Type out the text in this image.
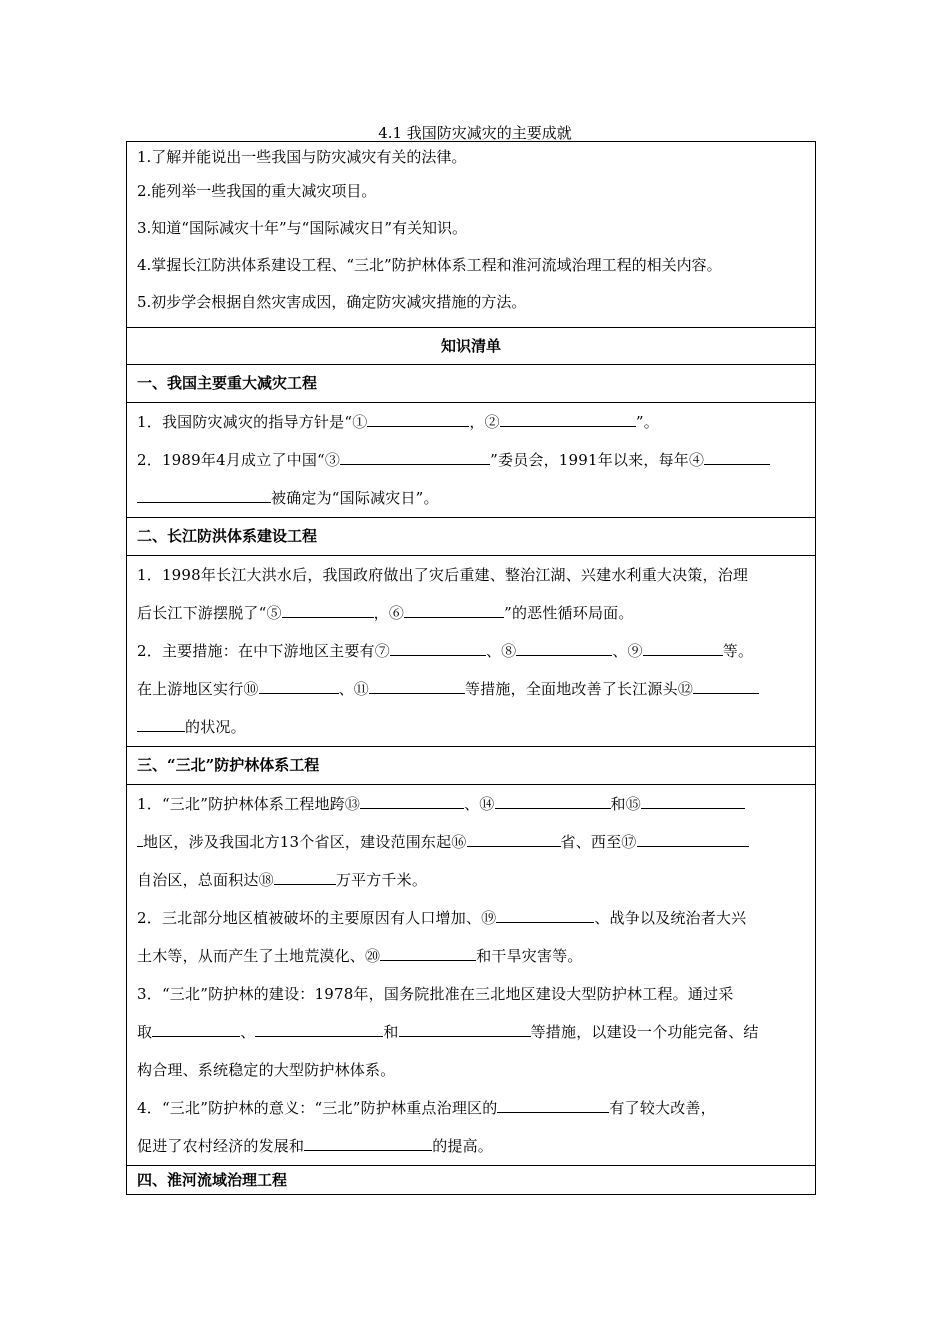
4.1 我国防灾减灾的主要成就
1.了解并能说出一些我国与防灾减灾有关的法律。
2.能列举一些我国的重大减灾项目。
3.知道“国际减灾十年”与“国际减灾日”有关知识。
4.掌握长江防洪体系建设工程、“三北”防护林体系工程和淮河流域治理工程的相关内容。
5.初步学会根据自然灾害成因，确定防灾减灾措施的方法。

知识清单
一、我国主要重大减灾工程

1．我国防灾减灾的指导方针是“①	，②	”。
2．1989年4月成立了中国“③	”委员会，1991年以来，每年④
被确定为“国际减灾日”。

二、长江防洪体系建设工程

1．1998年长江大洪水后，我国政府做出了灾后重建、整治江湖、兴建水利重大决策，治理
后长江下游摆脱了“⑤	，⑥	”的恶性循环局面。
2．主要措施：在中下游地区主要有⑦	、⑧	、⑨	等。
在上游地区实行⑩	、⑪	等措施，全面地改善了长江源头⑫
的状况。

三、“三北”防护林体系工程

1．“三北”防护林体系工程地跨⑬	、⑭	和⑮
地区，涉及我国北方13个省区，建设范围东起⑯	省、西至⑰
自治区，总面积达⑱	万平方千米。
2．三北部分地区植被破坏的主要原因有人口增加、⑲	、战争以及统治者大兴
土木等，从而产生了土地荒漠化、⑳	和干旱灾害等。
3．“三北”防护林的建设：1978年，国务院批准在三北地区建设大型防护林工程。通过采
取	、	和	等措施，以建设一个功能完备、结
构合理、系统稳定的大型防护林体系。
4．“三北”防护林的意义：“三北”防护林重点治理区的	有了较大改善，
促进了农村经济的发展和	的提高。

四、淮河流域治理工程
